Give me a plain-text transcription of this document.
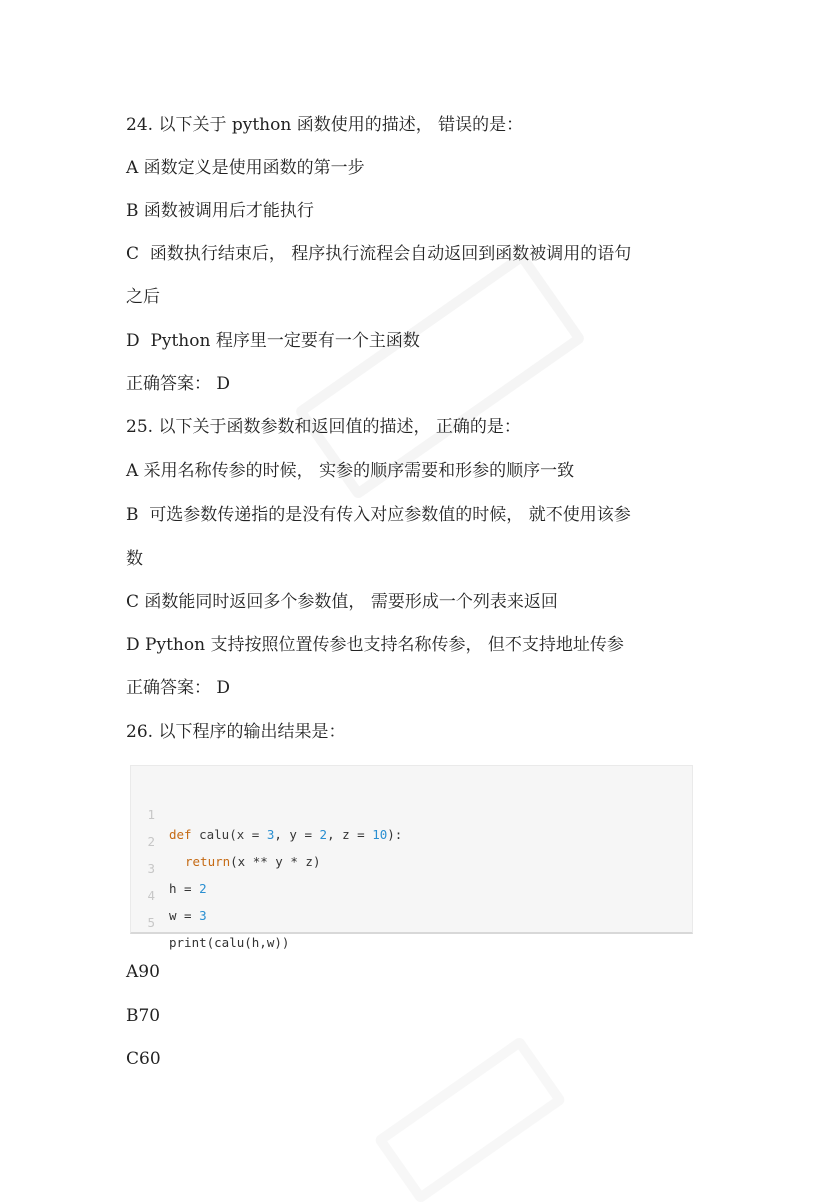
24. 以下关于 python 函数使用的描述， 错误的是：
A 函数定义是使用函数的第一步
B 函数被调用后才能执行
C  函数执行结束后， 程序执行流程会自动返回到函数被调用的语句
之后
D  Python 程序里一定要有一个主函数
正确答案： D
25. 以下关于函数参数和返回值的描述， 正确的是：
A 采用名称传参的时候， 实参的顺序需要和形参的顺序一致
B  可选参数传递指的是没有传入对应参数值的时候， 就不使用该参
数
C 函数能同时返回多个参数值， 需要形成一个列表来返回
D Python 支持按照位置传参也支持名称传参， 但不支持地址传参
正确答案： D
26. 以下程序的输出结果是：

1

def calu(x = 3, y = 2, z = 10):

2

return(x ** y * z)

3

h = 2

4

w = 3

5

print(calu(h,w))

A90
B70
C60
